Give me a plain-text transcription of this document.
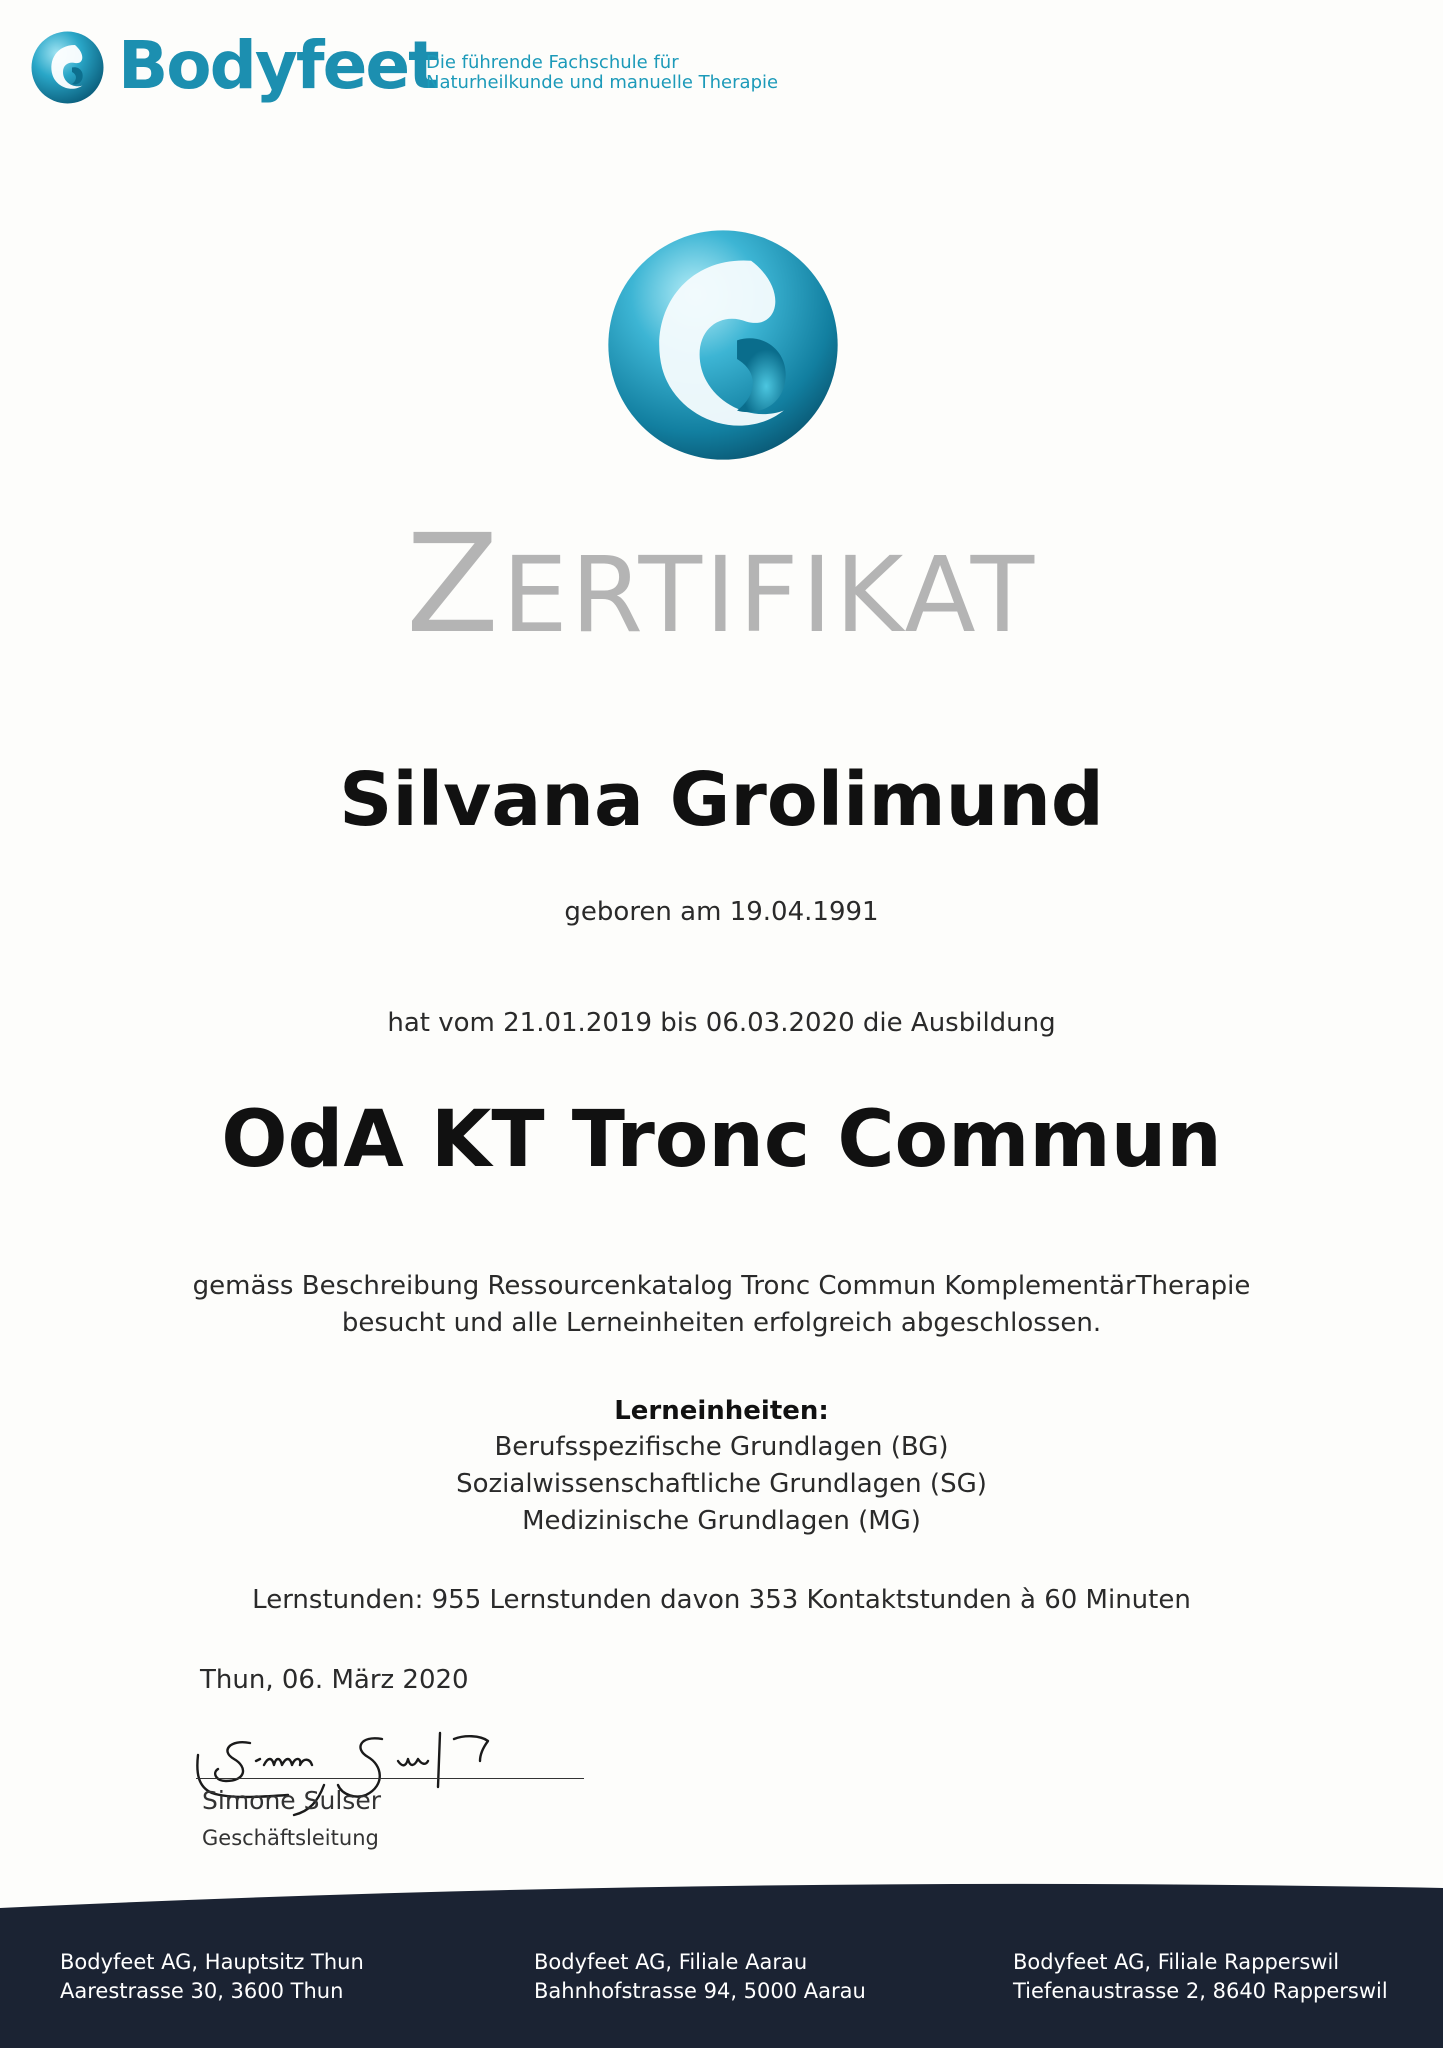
Bodyfeet
Die führende Fachschule für
Naturheilkunde und manuelle Therapie
ZERTIFIKAT
Silvana Grolimund
geboren am 19.04.1991
hat vom 21.01.2019 bis 06.03.2020 die Ausbildung
OdA KT Tronc Commun
gemäss Beschreibung Ressourcenkatalog Tronc Commun KomplementärTherapie
besucht und alle Lerneinheiten erfolgreich abgeschlossen.
Lerneinheiten:
Berufsspezifische Grundlagen (BG)
Sozialwissenschaftliche Grundlagen (SG)
Medizinische Grundlagen (MG)
Lernstunden: 955 Lernstunden davon 353 Kontaktstunden à 60 Minuten
Thun, 06. März 2020
Simone Sulser
Geschäftsleitung
Bodyfeet AG, Hauptsitz Thun
Aarestrasse 30, 3600 Thun
Bodyfeet AG, Filiale Aarau
Bahnhofstrasse 94, 5000 Aarau
Bodyfeet AG, Filiale Rapperswil
Tiefenaustrasse 2, 8640 Rapperswil
